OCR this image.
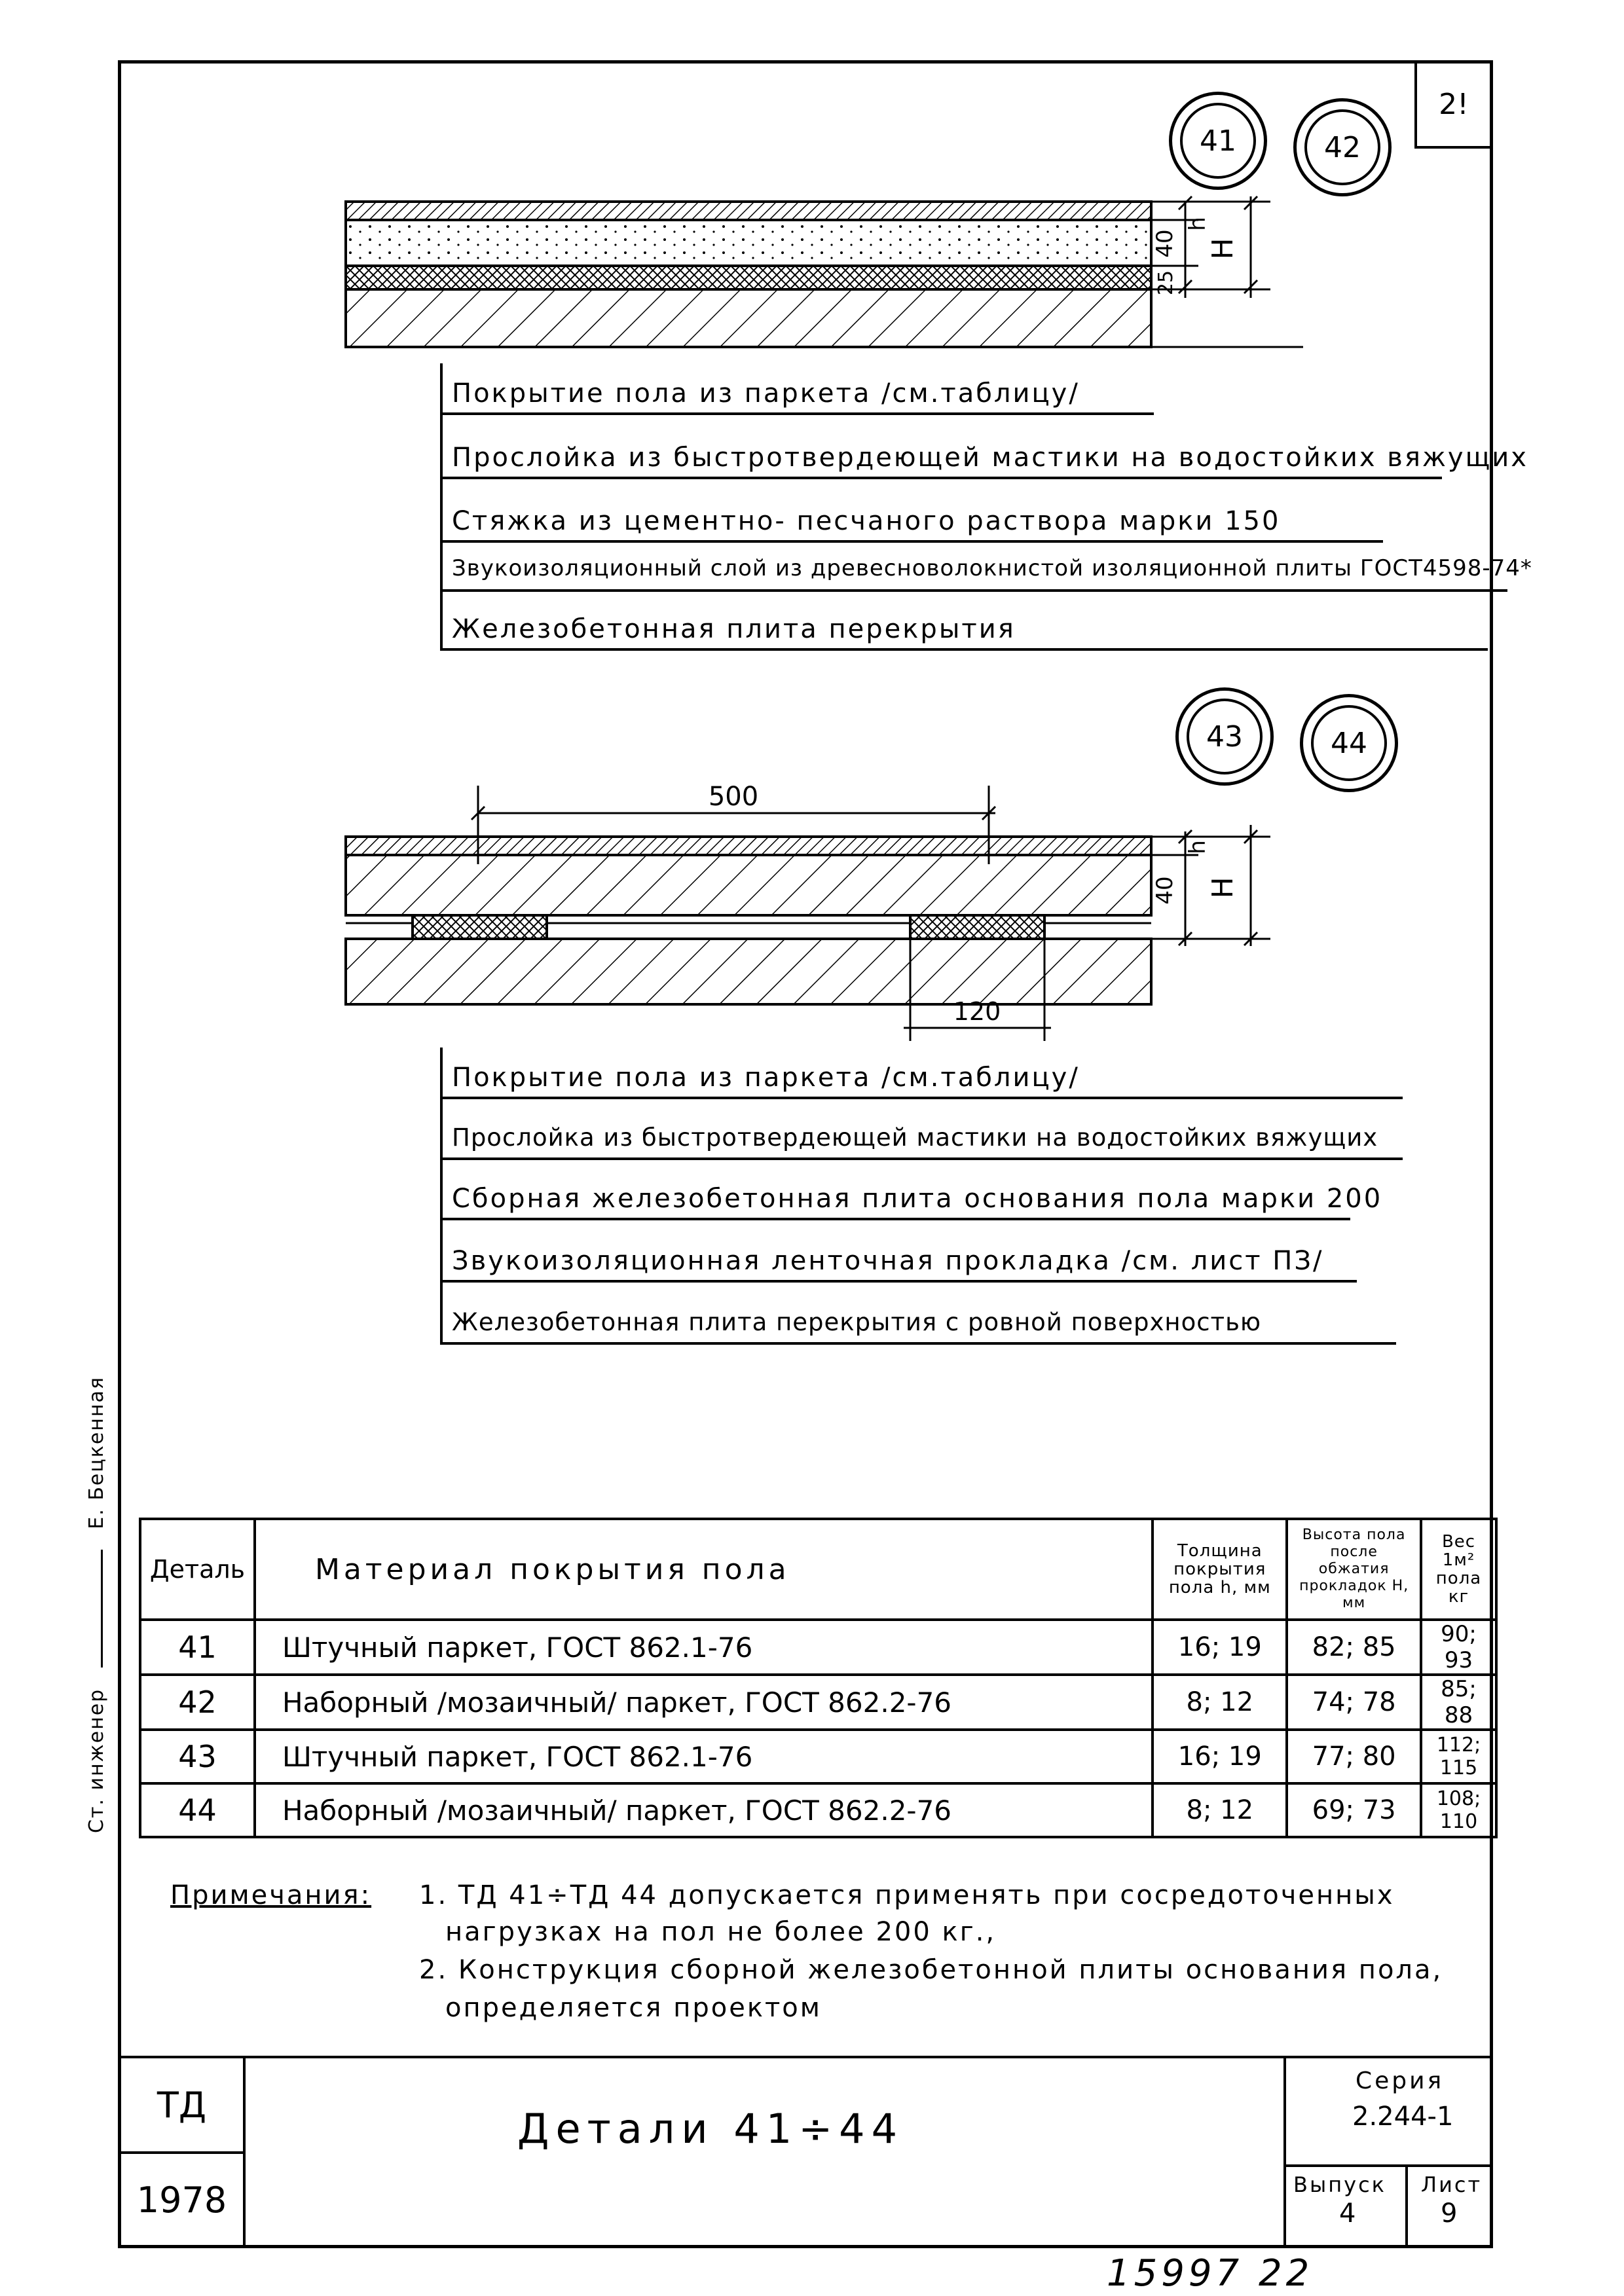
2!
41	42
40
25
h
H
Покрытие пола из паркета /см.таблицу/
Прослойка из быстротвердеющей мастики на водостойких вяжущих
Стяжка из цементно- песчаного раствора марки 150
Звукоизоляционный слой из древесноволокнистой изоляционной плиты ГОСТ4598-74*
Железобетонная плита перекрытия
43	44
500
120
40
h
H
Покрытие пола из паркета /см.таблицу/
Прослойка из быстротвердеющей мастики на водостойких вяжущих
Сборная железобетонная плита основания пола марки 200
Звукоизоляционная ленточная прокладка /см. лист ПЗ/
Железобетонная плита перекрытия с ровной поверхностью
Ст. инженер  Е. Бецкенная
Деталь	Материал покрытия пола	Толщина покрытия пола h, мм	Высота пола после обжатия прокладок H, мм	Вес 1м² пола кг
41	Штучный паркет, ГОСТ 862.1-76	16; 19	82; 85	90; 93
42	Наборный /мозаичный/ паркет, ГОСТ 862.2-76	8; 12	74; 78	85; 88
43	Штучный паркет, ГОСТ 862.1-76	16; 19	77; 80	112; 115
44	Наборный /мозаичный/ паркет, ГОСТ 862.2-76	8; 12	69; 73	108; 110
Примечания: 1. ТД 41÷ТД 44 допускается применять при сосредоточенных
нагрузках на пол не более 200 кг.,
2. Конструкция сборной железобетонной плиты основания пола,
определяется проектом
ТД
1978
Детали 41÷44
Серия
2.244-1
Выпуск
4
Лист
9
15997 22
